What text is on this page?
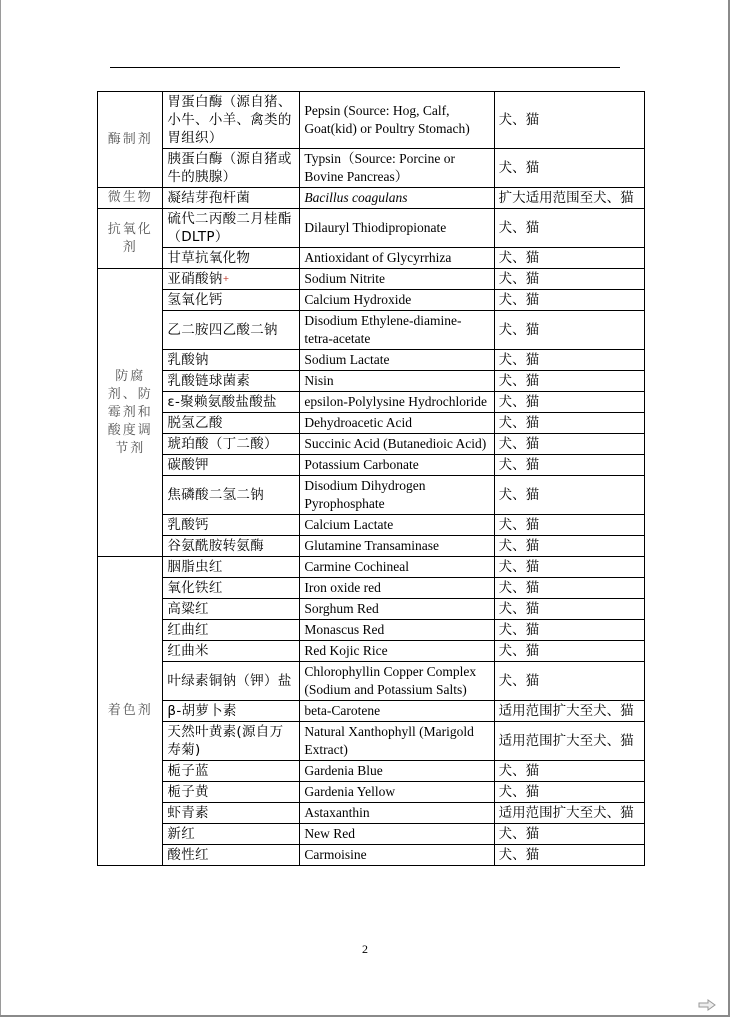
酶制剂	胃蛋白酶（源自猪、小牛、小羊、禽类的胃组织）	Pepsin (Source: Hog, Calf, Goat(kid) or Poultry Stomach)	犬、猫
	胰蛋白酶（源自猪或牛的胰腺）	Typsin（Source: Porcine or Bovine Pancreas）	犬、猫
微生物	凝结芽孢杆菌	Bacillus coagulans	扩大适用范围至犬、猫
抗氧化剂	硫代二丙酸二月桂酯（DLTP）	Dilauryl Thiodipropionate	犬、猫
	甘草抗氧化物	Antioxidant of Glycyrrhiza	犬、猫
防腐剂、防霉剂和酸度调节剂	亚硝酸钠+	Sodium Nitrite	犬、猫
	氢氧化钙	Calcium Hydroxide	犬、猫
	乙二胺四乙酸二钠	Disodium Ethylene-diamine-tetra-acetate	犬、猫
	乳酸钠	Sodium Lactate	犬、猫
	乳酸链球菌素	Nisin	犬、猫
	ε-聚赖氨酸盐酸盐	epsilon-Polylysine Hydrochloride	犬、猫
	脱氢乙酸	Dehydroacetic Acid	犬、猫
	琥珀酸（丁二酸）	Succinic Acid (Butanedioic Acid)	犬、猫
	碳酸钾	Potassium Carbonate	犬、猫
	焦磷酸二氢二钠	Disodium Dihydrogen Pyrophosphate	犬、猫
	乳酸钙	Calcium Lactate	犬、猫
	谷氨酰胺转氨酶	Glutamine Transaminase	犬、猫
着色剂	胭脂虫红	Carmine Cochineal	犬、猫
	氧化铁红	Iron oxide red	犬、猫
	高粱红	Sorghum Red	犬、猫
	红曲红	Monascus Red	犬、猫
	红曲米	Red Kojic Rice	犬、猫
	叶绿素铜钠（钾）盐	Chlorophyllin Copper Complex (Sodium and Potassium Salts)	犬、猫
	β-胡萝卜素	beta-Carotene	适用范围扩大至犬、猫
	天然叶黄素(源自万寿菊)	Natural Xanthophyll (Marigold Extract)	适用范围扩大至犬、猫
	栀子蓝	Gardenia Blue	犬、猫
	栀子黄	Gardenia Yellow	犬、猫
	虾青素	Astaxanthin	适用范围扩大至犬、猫
	新红	New Red	犬、猫
	酸性红	Carmoisine	犬、猫
2
